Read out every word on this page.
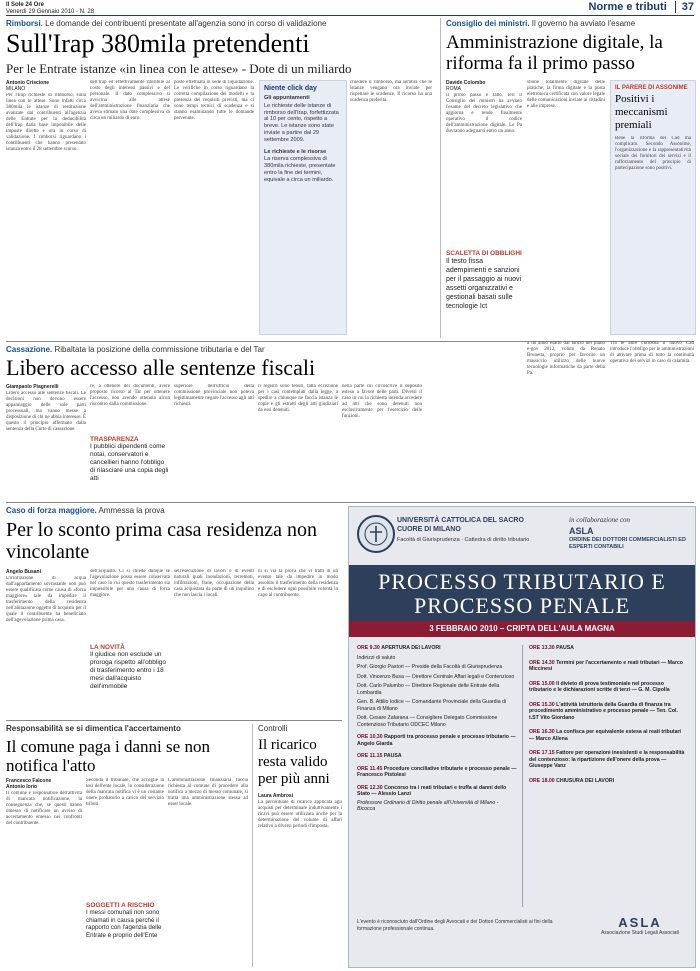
Il Sole 24 Ore
Venerdì 29 Gennaio 2010 - N. 28	Norme e tributi 37
Rimborsi. Le domande dei contribuenti presentate all'agenzia sono in corso di validazione
Sull'Irap 380mila pretendenti
Per le Entrate istanze «in linea con le attese» - Dote di un miliardo
Antonio Criscione
MILANO
Per l'Irap richieste di rimborso, sulla linea con le attese. Sono infatti circa 380mila le istanze di restituzione avanzate dai contribuenti all'agenzia delle Entrate per la deducibilità dell'Irap dalla base imponibile delle imposte dirette e ora in corso di validazione. I rimborsi riguardano i contribuenti che hanno presentato istanza entro il 28 settembre scorso.
dell'Irap ed effettivamente riferibile al costo degli interessi passivi e del personale. Il dato complessivo si avvicina alle attese dell'amministrazione finanziaria che aveva stimato una dote complessiva di circa un miliardo di euro.
poste effettuata in sede di liquidazione. Le verifiche in corso riguardano la corretta compilazione dei modelli e la presenza dei requisiti previsti, ma ci sono tempi tecnici di scadenza e si stanno esaminando tutte le domande pervenute.
Niente click day
Gli appuntamenti
Le richieste delle istanze di rimborso dell'Irap, forfettizzata al 10 per cento, rispetto a breve. Le istanze sono state inviate a partire dal 29 settembre 2009.
Le richieste e le risorse
La riserva complessiva di 380mila richieste, presentate entro la fine dei termini, equivale a circa un miliardo.
chiedere il rimborso, ma sembra che le istanze vengano ora inviate per rispettare le scadenze. Il ricorso ha una scadenza preferita.
Consiglio dei ministri. Il governo ha avviato l'esame
Amministrazione digitale, la riforma fa il primo passo
Davide Colombo
ROMA
Il primo passo è fatto. Ieri il Consiglio dei ministri ha avviato l'esame del decreto legislativo che aggiorna e rende finalmente operativo il codice dell'amministrazione digitale. Le Pa dovranno adeguarsi entro un anno.
SCALETTA DI OBBLIGHI
Il testo fissa adempimenti e sanzioni per il passaggio ai nuovi assetti organizzativi e gestionali basati sulle tecnologie Ict
stione totalmente digitale delle pratiche, la firma digitale e la posta elettronica certificata con valore legale delle comunicazioni inviate ai cittadini e alle imprese.
IL PARERE DI ASSONIME
Positivi i meccanismi premiali
Bene la riforma del Cad ma complicato. Secondo Assonime, l'organizzazione e la rappresentatività sociale dei fornitori dei servizi e il rafforzamento del principio di partecipazione sono positivi.
Cassazione. Ribaltata la posizione della commissione tributaria e del Tar
Libero accesso alle sentenze fiscali
Giampaolo Piagnerelli
Libero accesso alle sentenze fiscali. Le decisioni non devono essere appannaggio delle sole parti processuali, ma vanno messe a disposizione di chi ne abbia interesse. È questo il principio affermato dalla sentenza della Corte di cassazione.
re, a ottenere dei documenti, avere proposto ricorso al Tar per ottenere l'accesso, non avendo ottenuto alcun riscontro dalla commissione.
TRASPARENZA
I pubblici dipendenti come notai, conservatori e cancellieri hanno l'obbligo di rilasciare una copia degli atti
superiore dell'ufficio della commissione provinciale non poteva legittimamente negare l'accesso agli atti richiesti.
ri registri sono tenuti, fatta eccezione per i casi contemplati dalla legge, a spedire a chiunque ne faccia istanza le copie e gli estratti degli atti giudiziari da essi detenuti.
nella parte cui circoscrive il deposito esteso a favore delle parti. Diversi il caso in cui la richiesta intenda accedere ad atti che sono detenuti non esclusivamente per l'esercizio delle funzioni.
a un anno esatto dal lancio del piano e-gov 2012, voluto da Renato Brunetta, proprio per favorire un massiccio utilizzo delle nuove tecnologie informatiche da parte della Pa.
Tra le altre curiosità il nuovo Cad introduce l'obbligo per le amministrazioni di attivare prima di tutto la continuità operativa dei servizi in caso di calamità.
Caso di forza maggiore. Ammessa la prova
Per lo sconto prima casa residenza non vincolante
Angelo Busani
Un'infrazione di acqua dall'appartamento sovrastante non può essere qualificata come causa di «forza maggiore» tale da impedire il trasferimento della residenza nell'abitazione oggetto di acquisto per il quale il contribuente ha beneficiato dell'agevolazione prima casa.
dell'acquisto. Ci si chiede dunque se l'agevolazione possa essere conservata nel caso in cui questo trasferimento sia impossibile per una causa di forza maggiore.
LA NOVITÀ
Il giudice non esclude un proroga rispetto all'obbligo di trasferimento entro i 18 mesi dall'acquisto dell'immobile
sell'esecuzione di lavori o di eventi naturali quali inondazioni, terremoti, infiltrazioni, frane, occupazione della casa acquistata da parte di un inquilino che non lascia i locali.
ni si via la prova che vi tratti di un evento tale da impedire in modo assoluto il trasferimento della residenza e di escludere ogni possibile volontà in capo al contribuente.
Responsabilità se si dimentica l'accertamento
Il comune paga i danni se non notifica l'atto
Francesco Falcone
Antonio Iorio
Il comune è responsabile dell'attività di mancata notificazione, la conseguenza che, se questi hanno omesso di notificare un avviso di accertamento emesso nei confronti del contribuente.
Secondo il tribunale, che accoglie la tesi dell'ente locale, in considerazione della mancata notifica vi è un costante onere probatorio a carico del servizio tributi.
SOGGETTI A RISCHIO
I messi comunali non sono chiamati in causa perché il rapporto con l'agenzia delle Entrate è proprio dell'Ente
L'amministrazione finanziaria faccia richiesta al comune di procedere alla notifica a mezzo di messo comunale, si tratta una amministrazione stessa ad esser locale.
Controlli
Il ricarico resta valido per più anni
Laura Ambrosi
La percentuale di ricarico applicata agli acquisti per determinare induttivamente i ricavi può essere utilizzata anche per la determinazione del volume di affari relativo a diversi periodi d'imposta.
UNIVERSITÀ CATTOLICA DEL SACRO CUORE DI MILANO
Facoltà di Giurisprudenza · Cattedra di diritto tributario
in collaborazione con
ASLA
ORDINE DEI DOTTORI COMMERCIALISTI ED ESPERTI CONTABILI
PROCESSO TRIBUTARIO E
PROCESSO PENALE
3 FEBBRAIO 2010 – CRIPTA DELL'AULA MAGNA
ORE 9.30 APERTURA DEI LAVORI
Indirizzi di saluto
Prof. Giorgio Pastori — Preside della Facoltà di Giurisprudenza
Dott. Vincenzo Busa — Direttore Centrale Affari legali e Contenzioso
Dott. Carlo Palumbo — Direttore Regionale delle Entrate della Lombardia
Gen. B. Attilio Iodice — Comandante Provinciale della Guardia di Finanza di Milano
Dott. Cesare Zafarana — Consigliere Delegato Commissione Contenzioso Tributario ODCEC Milano
ORE 10.30 Rapporti tra processo penale e processo tributario — Angelo Giarda
ORE 11.15 PAUSA
ORE 11.45 Procedure conciliative tributarie e processo penale — Francesco Pistolesi
ORE 12.30 Concorso tra i reati tributari e truffa ai danni dello Stato — Alessio Lanzi
Professore Ordinario di Diritto penale all'Università di Milano - Bicocca
ORE 13.30 PAUSA
ORE 14.30 Termini per l'accertamento e reati tributari — Marco Miccinesi
ORE 15.00 Il divieto di prova testimoniale nel processo tributario e le dichiarazioni scritte di terzi — G. M. Cipolla
ORE 15.30 L'attività istruttoria della Guardia di finanza tra procedimento amministrativo e processo penale — Ten. Col. t.ST Vito Giordano
ORE 16.30 La confisca per equivalente estesa ai reati tributari — Marco Allena
ORE 17.15 Fattore per operazioni inesistenti e la responsabilità del contenzioso: la ripartizione dell'onere della prova — Giuseppe Vanz
ORE 18.00 CHIUSURA DEI LAVORI
L'evento è riconosciuto dall'Ordine degli Avvocati e dei Dottori Commercialisti ai fini della formazione professionale continua.	ASLA
Associazione Studi Legali Associati
